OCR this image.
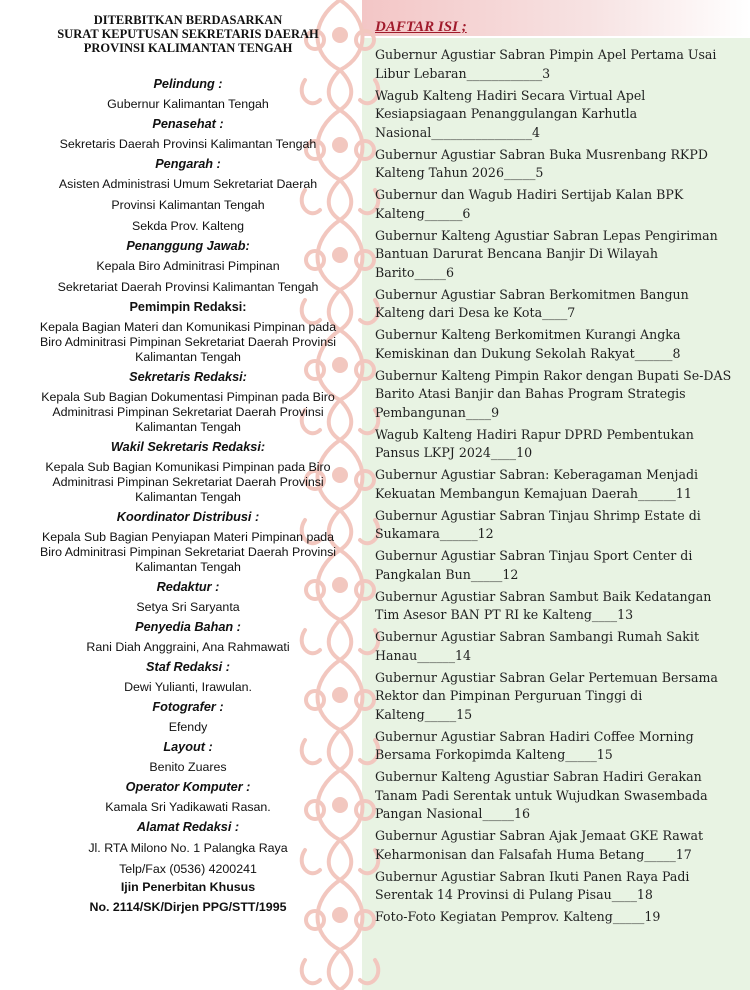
DITERBITKAN BERDASARKAN
SURAT KEPUTUSAN SEKRETARIS DAERAH
PROVINSI KALIMANTAN TENGAH
Pelindung :
Gubernur Kalimantan Tengah
Penasehat :
Sekretaris Daerah Provinsi Kalimantan Tengah
Pengarah :
Asisten Administrasi Umum Sekretariat Daerah
Provinsi Kalimantan Tengah
Sekda Prov. Kalteng
Penanggung Jawab:
Kepala Biro Adminitrasi Pimpinan
Sekretariat Daerah Provinsi Kalimantan Tengah
Pemimpin Redaksi:
Kepala Bagian Materi dan Komunikasi Pimpinan pada Biro Adminitrasi Pimpinan Sekretariat Daerah Provinsi Kalimantan Tengah
Sekretaris Redaksi:
Kepala Sub Bagian Dokumentasi Pimpinan pada Biro Adminitrasi Pimpinan Sekretariat Daerah Provinsi Kalimantan Tengah
Wakil Sekretaris Redaksi:
Kepala Sub Bagian Komunikasi Pimpinan pada Biro Adminitrasi Pimpinan Sekretariat Daerah Provinsi Kalimantan Tengah
Koordinator Distribusi :
Kepala Sub Bagian Penyiapan Materi Pimpinan pada Biro Adminitrasi Pimpinan Sekretariat Daerah Provinsi Kalimantan Tengah
Redaktur :
Setya Sri Saryanta
Penyedia Bahan :
Rani Diah Anggraini, Ana Rahmawati
Staf Redaksi :
Dewi Yulianti, Irawulan.
Fotografer :
Efendy
Layout :
Benito Zuares
Operator Komputer :
Kamala Sri Yadikawati Rasan.
Alamat Redaksi :
Jl. RTA Milono No. 1 Palangka Raya
Telp/Fax (0536) 4200241
Ijin Penerbitan Khusus
No. 2114/SK/Dirjen PPG/STT/1995
DAFTAR ISI ;
Gubernur Agustiar Sabran Pimpin Apel Pertama Usai Libur Lebaran____________3
Wagub Kalteng Hadiri Secara Virtual Apel Kesiapsiagaan Penanggulangan Karhutla Nasional________________4
Gubernur Agustiar Sabran Buka Musrenbang RKPD Kalteng Tahun 2026_____5
Gubernur dan Wagub Hadiri Sertijab Kalan BPK Kalteng______6
Gubernur Kalteng Agustiar Sabran Lepas Pengiriman Bantuan Darurat Bencana Banjir Di Wilayah Barito_____6
Gubernur Agustiar Sabran Berkomitmen Bangun Kalteng dari Desa ke Kota____7
Gubernur Kalteng Berkomitmen Kurangi Angka Kemiskinan dan Dukung Sekolah Rakyat______8
Gubernur Kalteng Pimpin Rakor dengan Bupati Se-DAS Barito Atasi Banjir dan Bahas Program Strategis Pembangunan____9
Wagub Kalteng Hadiri Rapur DPRD Pembentukan Pansus LKPJ 2024____10
Gubernur Agustiar Sabran: Keberagaman Menjadi Kekuatan Membangun Kemajuan Daerah______11
Gubernur Agustiar Sabran Tinjau Shrimp Estate di Sukamara______12
Gubernur Agustiar Sabran Tinjau Sport Center di Pangkalan Bun_____12
Gubernur Agustiar Sabran Sambut Baik Kedatangan Tim Asesor BAN PT RI ke Kalteng____13
Gubernur Agustiar Sabran Sambangi Rumah Sakit Hanau______14
Gubernur Agustiar Sabran Gelar Pertemuan Bersama Rektor dan Pimpinan Perguruan Tinggi di Kalteng_____15
Gubernur Agustiar Sabran Hadiri Coffee Morning Bersama Forkopimda Kalteng_____15
Gubernur Kalteng Agustiar Sabran Hadiri Gerakan Tanam Padi Serentak untuk Wujudkan Swasembada Pangan Nasional_____16
Gubernur Agustiar Sabran Ajak Jemaat GKE Rawat Keharmonisan dan Falsafah Huma Betang_____17
Gubernur Agustiar Sabran Ikuti Panen Raya Padi Serentak 14 Provinsi di Pulang Pisau____18
Foto-Foto Kegiatan Pemprov. Kalteng_____19
